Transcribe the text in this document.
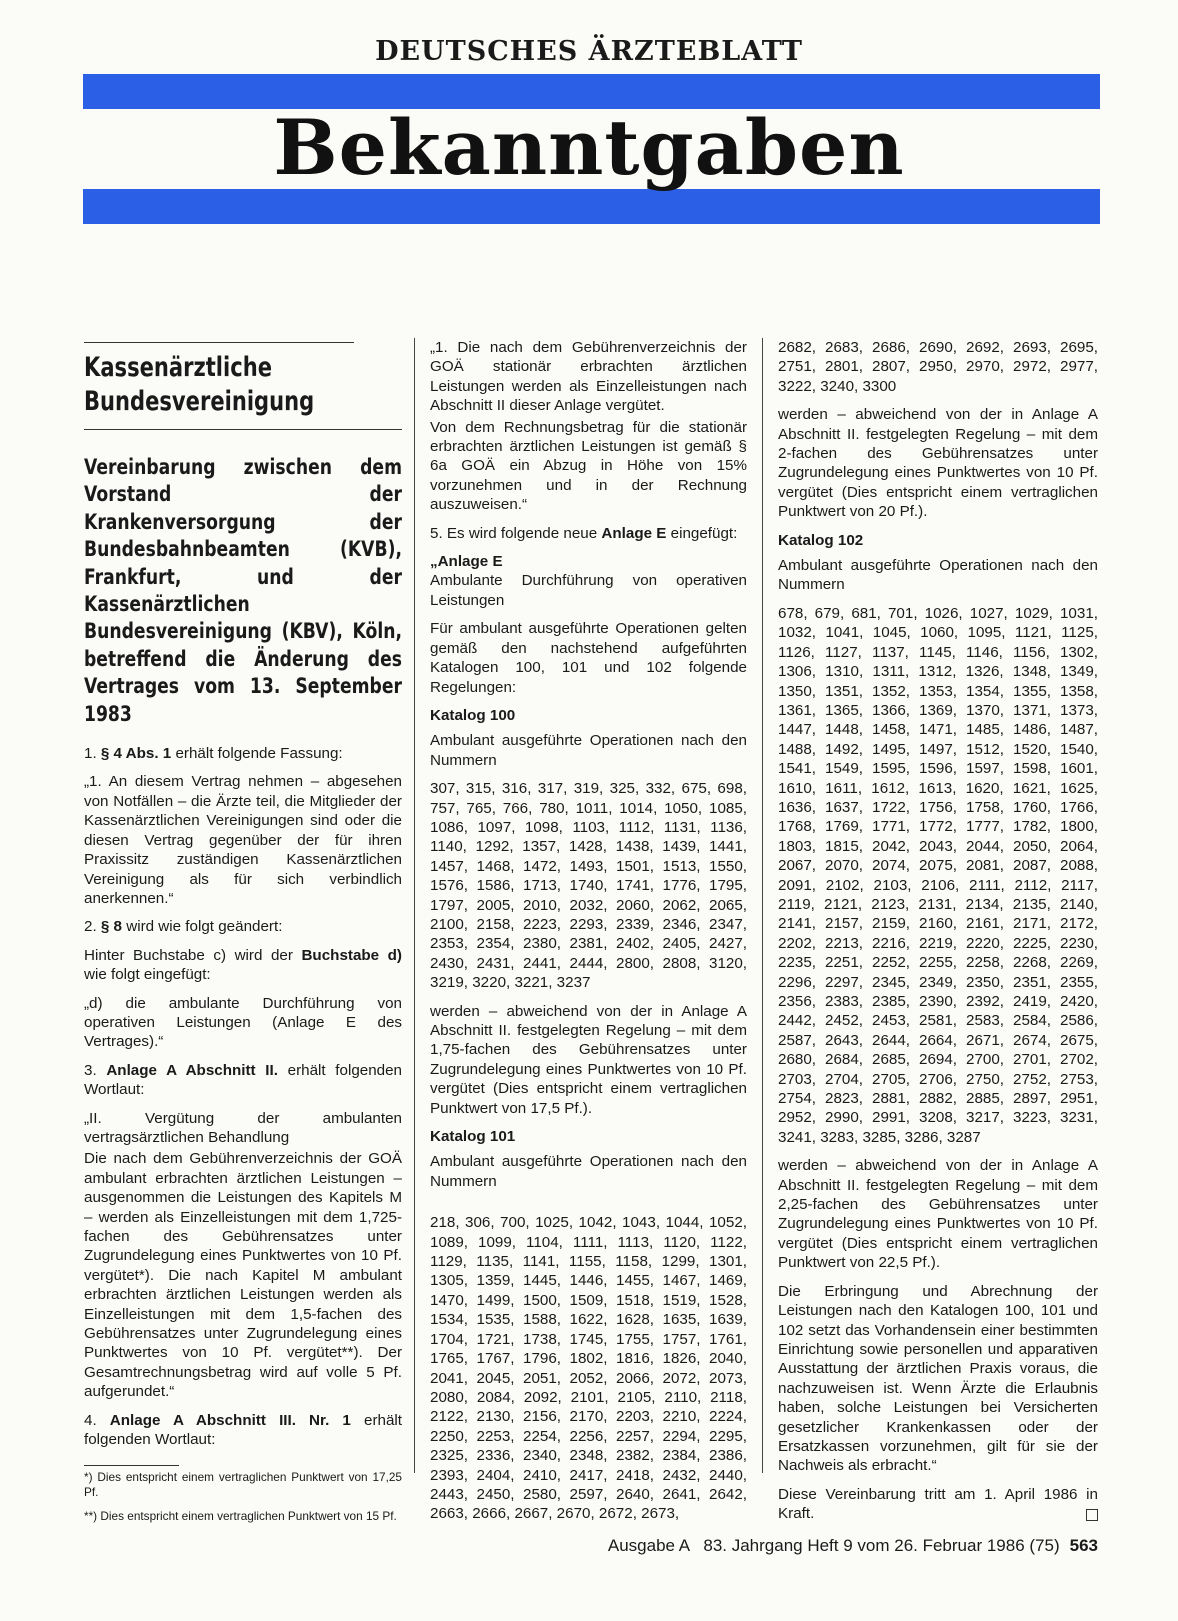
DEUTSCHES ÄRZTEBLATT
Bekanntgaben
Kassenärztliche Bundesvereinigung
Vereinbarung zwischen dem Vorstand der Krankenversorgung der Bundesbahnbeamten (KVB), Frankfurt, und der Kassenärztlichen Bundesvereinigung (KBV), Köln, betreffend die Änderung des Vertrages vom 13. September 1983

1. § 4 Abs. 1 erhält folgende Fassung:

„1. An diesem Vertrag nehmen – abgesehen von Notfällen – die Ärzte teil, die Mitglieder der Kassenärztlichen Vereinigungen sind oder die diesen Vertrag gegenüber der für ihren Praxissitz zuständigen Kassenärztlichen Vereinigung als für sich verbindlich anerkennen.“

2. § 8 wird wie folgt geändert:

Hinter Buchstabe c) wird der Buchstabe d) wie folgt eingefügt:

„d) die ambulante Durchführung von operativen Leistungen (Anlage E des Vertrages).“

3. Anlage A Abschnitt II. erhält folgenden Wortlaut:

„II. Vergütung der ambulanten vertragsärztlichen Behandlung

Die nach dem Gebührenverzeichnis der GOÄ ambulant erbrachten ärztlichen Leistungen – ausgenommen die Leistungen des Kapitels M – werden als Einzelleistungen mit dem 1,725-fachen des Gebührensatzes unter Zugrundelegung eines Punktwertes von 10 Pf. vergütet*). Die nach Kapitel M ambulant erbrachten ärztlichen Leistungen werden als Einzelleistungen mit dem 1,5-fachen des Gebührensatzes unter Zugrundelegung eines Punktwertes von 10 Pf. vergütet**). Der Gesamtrechnungsbetrag wird auf volle 5 Pf. aufgerundet.“

4. Anlage A Abschnitt III. Nr. 1 erhält folgenden Wortlaut:

*) Dies entspricht einem vertraglichen Punktwert von 17,25 Pf.

**) Dies entspricht einem vertraglichen Punktwert von 15 Pf.

„1. Die nach dem Gebührenverzeichnis der GOÄ stationär erbrachten ärztlichen Leistungen werden als Einzelleistungen nach Abschnitt II dieser Anlage vergütet.

Von dem Rechnungsbetrag für die stationär erbrachten ärztlichen Leistungen ist gemäß § 6a GOÄ ein Abzug in Höhe von 15% vorzunehmen und in der Rechnung auszuweisen.“

5. Es wird folgende neue Anlage E eingefügt:

„Anlage E

Ambulante Durchführung von operativen Leistungen

Für ambulant ausgeführte Operationen gelten gemäß den nachstehend aufgeführten Katalogen 100, 101 und 102 folgende Regelungen:

Katalog 100

Ambulant ausgeführte Operationen nach den Nummern

307, 315, 316, 317, 319, 325, 332, 675, 698, 757, 765, 766, 780, 1011, 1014, 1050, 1085, 1086, 1097, 1098, 1103, 1112, 1131, 1136, 1140, 1292, 1357, 1428, 1438, 1439, 1441, 1457, 1468, 1472, 1493, 1501, 1513, 1550, 1576, 1586, 1713, 1740, 1741, 1776, 1795, 1797, 2005, 2010, 2032, 2060, 2062, 2065, 2100, 2158, 2223, 2293, 2339, 2346, 2347, 2353, 2354, 2380, 2381, 2402, 2405, 2427, 2430, 2431, 2441, 2444, 2800, 2808, 3120, 3219, 3220, 3221, 3237

werden – abweichend von der in Anlage A Abschnitt II. festgelegten Regelung – mit dem 1,75-fachen des Gebührensatzes unter Zugrundelegung eines Punktwertes von 10 Pf. vergütet (Dies entspricht einem vertraglichen Punktwert von 17,5 Pf.).

Katalog 101

Ambulant ausgeführte Operationen nach den Nummern

218, 306, 700, 1025, 1042, 1043, 1044, 1052, 1089, 1099, 1104, 1111, 1113, 1120, 1122, 1129, 1135, 1141, 1155, 1158, 1299, 1301, 1305, 1359, 1445, 1446, 1455, 1467, 1469, 1470, 1499, 1500, 1509, 1518, 1519, 1528, 1534, 1535, 1588, 1622, 1628, 1635, 1639, 1704, 1721, 1738, 1745, 1755, 1757, 1761, 1765, 1767, 1796, 1802, 1816, 1826, 2040, 2041, 2045, 2051, 2052, 2066, 2072, 2073, 2080, 2084, 2092, 2101, 2105, 2110, 2118, 2122, 2130, 2156, 2170, 2203, 2210, 2224, 2250, 2253, 2254, 2256, 2257, 2294, 2295, 2325, 2336, 2340, 2348, 2382, 2384, 2386, 2393, 2404, 2410, 2417, 2418, 2432, 2440, 2443, 2450, 2580, 2597, 2640, 2641, 2642, 2663, 2666, 2667, 2670, 2672, 2673,

2682, 2683, 2686, 2690, 2692, 2693, 2695, 2751, 2801, 2807, 2950, 2970, 2972, 2977, 3222, 3240, 3300

werden – abweichend von der in Anlage A Abschnitt II. festgelegten Regelung – mit dem 2-fachen des Gebührensatzes unter Zugrundelegung eines Punktwertes von 10 Pf. vergütet (Dies entspricht einem vertraglichen Punktwert von 20 Pf.).

Katalog 102

Ambulant ausgeführte Operationen nach den Nummern

678, 679, 681, 701, 1026, 1027, 1029, 1031, 1032, 1041, 1045, 1060, 1095, 1121, 1125, 1126, 1127, 1137, 1145, 1146, 1156, 1302, 1306, 1310, 1311, 1312, 1326, 1348, 1349, 1350, 1351, 1352, 1353, 1354, 1355, 1358, 1361, 1365, 1366, 1369, 1370, 1371, 1373, 1447, 1448, 1458, 1471, 1485, 1486, 1487, 1488, 1492, 1495, 1497, 1512, 1520, 1540, 1541, 1549, 1595, 1596, 1597, 1598, 1601, 1610, 1611, 1612, 1613, 1620, 1621, 1625, 1636, 1637, 1722, 1756, 1758, 1760, 1766, 1768, 1769, 1771, 1772, 1777, 1782, 1800, 1803, 1815, 2042, 2043, 2044, 2050, 2064, 2067, 2070, 2074, 2075, 2081, 2087, 2088, 2091, 2102, 2103, 2106, 2111, 2112, 2117, 2119, 2121, 2123, 2131, 2134, 2135, 2140, 2141, 2157, 2159, 2160, 2161, 2171, 2172, 2202, 2213, 2216, 2219, 2220, 2225, 2230, 2235, 2251, 2252, 2255, 2258, 2268, 2269, 2296, 2297, 2345, 2349, 2350, 2351, 2355, 2356, 2383, 2385, 2390, 2392, 2419, 2420, 2442, 2452, 2453, 2581, 2583, 2584, 2586, 2587, 2643, 2644, 2664, 2671, 2674, 2675, 2680, 2684, 2685, 2694, 2700, 2701, 2702, 2703, 2704, 2705, 2706, 2750, 2752, 2753, 2754, 2823, 2881, 2882, 2885, 2897, 2951, 2952, 2990, 2991, 3208, 3217, 3223, 3231, 3241, 3283, 3285, 3286, 3287

werden – abweichend von der in Anlage A Abschnitt II. festgelegten Regelung – mit dem 2,25-fachen des Gebührensatzes unter Zugrundelegung eines Punktwertes von 10 Pf. vergütet (Dies entspricht einem vertraglichen Punktwert von 22,5 Pf.).

Die Erbringung und Abrechnung der Leistungen nach den Katalogen 100, 101 und 102 setzt das Vorhandensein einer bestimmten Einrichtung sowie personellen und apparativen Ausstattung der ärztlichen Praxis voraus, die nachzuweisen ist. Wenn Ärzte die Erlaubnis haben, solche Leistungen bei Versicherten gesetzlicher Krankenkassen oder der Ersatzkassen vorzunehmen, gilt für sie der Nachweis als erbracht.“

Diese Vereinbarung tritt am 1. April 1986 in Kraft.

Ausgabe A   83. Jahrgang Heft 9 vom 26. Februar 1986 (75) 563
